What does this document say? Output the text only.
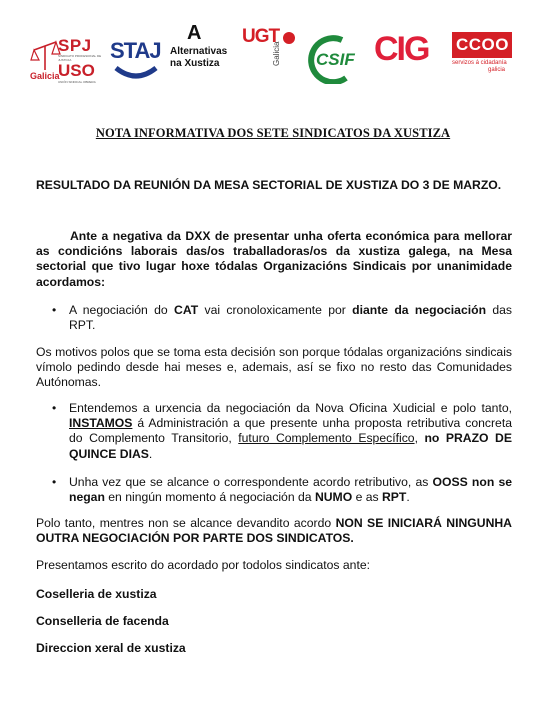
SPJ
SINDICATO PROFESIONAL DE JUSTICIA
USO
UNIÓN SINDICAL OBRERA
Galicia
STAJ
A
Alternativas
na Xustiza
UGT
Galicia CSIF CIG CCOO
servizos á cidadanía
galicia
NOTA INFORMATIVA DOS SETE SINDICATOS DA XUSTIZA
RESULTADO DA REUNIÓN DA MESA SECTORIAL DE XUSTIZA DO 3 DE MARZO.
Ante a negativa da DXX de presentar unha oferta económica para mellorar as condicións laborais das/os traballadoras/os da xustiza galega, na Mesa sectorial que tivo lugar hoxe tódalas Organizacións Sindicais por unanimidade acordamos:
•	A negociación do CAT vai cronoloxicamente por diante da negociación das RPT.
Os motivos polos que se toma esta decisión son porque tódalas organizacións sindicais vímolo pedindo desde hai meses e, ademais, así se fixo no resto das Comunidades Autónomas.
•	Entendemos a urxencia da negociación da Nova Oficina Xudicial e polo tanto, INSTAMOS á Administración a que presente unha proposta retributiva concreta do Complemento Transitorio, futuro Complemento Específico, no PRAZO DE QUINCE DIAS.
•	Unha vez que se alcance o correspondente acordo retributivo, as OOSS non se negan en ningún momento á negociación da NUMO e as RPT.
Polo tanto, mentres non se alcance devandito acordo NON SE INICIARÁ NINGUNHA OUTRA NEGOCIACIÓN POR PARTE DOS SINDICATOS.
Presentamos escrito do acordado por todolos sindicatos ante:
Coselleria de xustiza
Conselleria de facenda
Direccion xeral de xustiza
